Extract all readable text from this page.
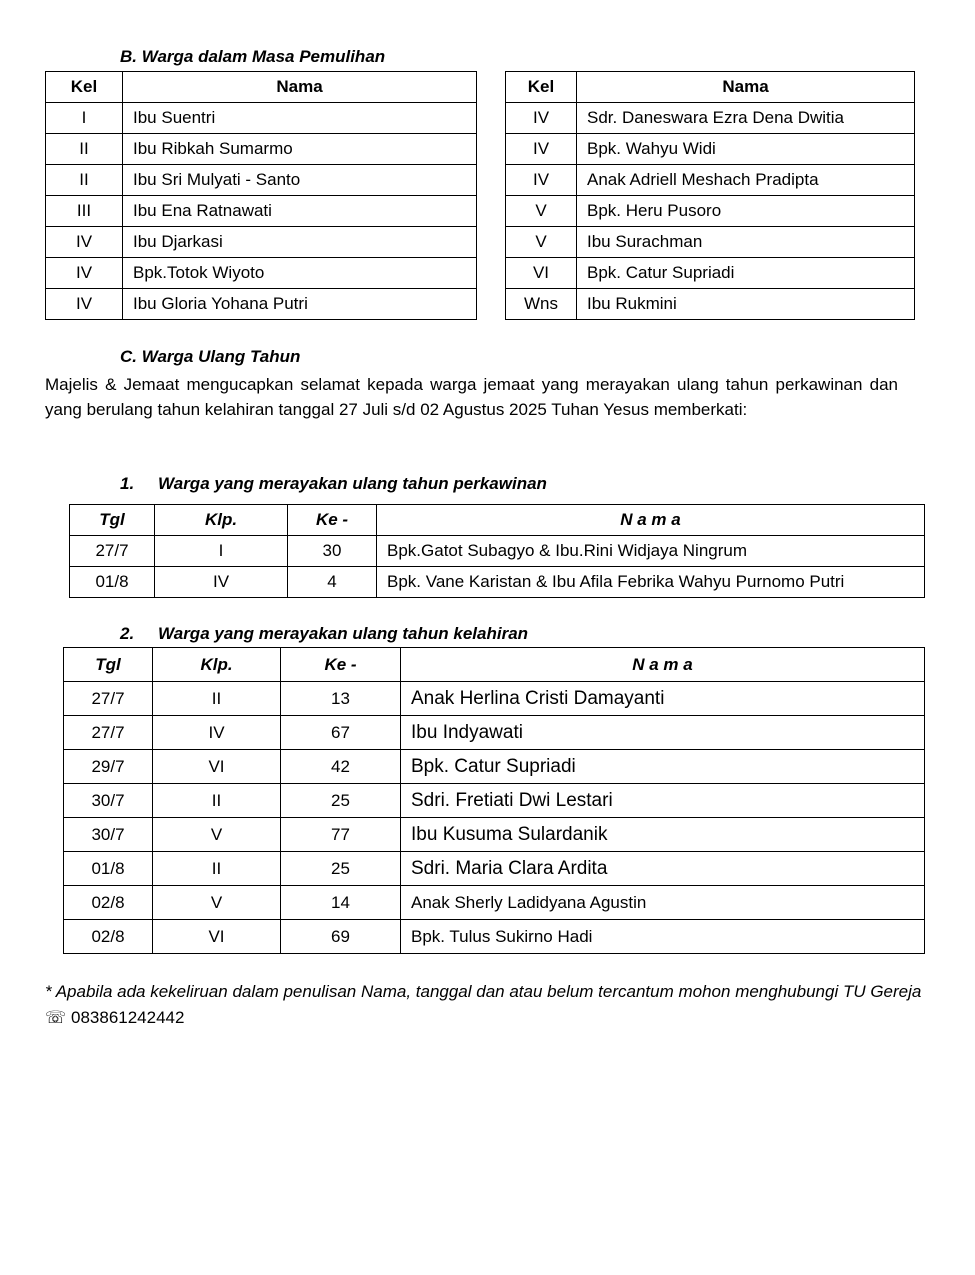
B. Warga dalam Masa Pemulihan
Kel	Nama
I	Ibu Suentri
II	Ibu Ribkah Sumarmo
II	Ibu Sri Mulyati - Santo
III	Ibu Ena Ratnawati
IV	Ibu Djarkasi
IV	Bpk.Totok Wiyoto
IV	Ibu Gloria Yohana Putri
Kel	Nama
IV	Sdr. Daneswara Ezra Dena Dwitia
IV	Bpk. Wahyu Widi
IV	Anak Adriell Meshach Pradipta
V	Bpk. Heru Pusoro
V	Ibu Surachman
VI	Bpk. Catur Supriadi
Wns	Ibu Rukmini
C. Warga Ulang Tahun
Majelis & Jemaat mengucapkan selamat kepada warga jemaat yang merayakan ulang tahun perkawinan dan yang berulang tahun kelahiran tanggal 27 Juli s/d 02 Agustus 2025 Tuhan Yesus memberkati:
1. Warga yang merayakan ulang tahun perkawinan
Tgl	Klp.	Ke -	N a m a
27/7	I	30	Bpk.Gatot Subagyo & Ibu.Rini Widjaya Ningrum
01/8	IV	4	Bpk. Vane Karistan & Ibu Afila Febrika Wahyu Purnomo Putri
2. Warga yang merayakan ulang tahun kelahiran
Tgl	Klp.	Ke -	N a m a
27/7	II	13	Anak Herlina Cristi Damayanti
27/7	IV	67	Ibu Indyawati
29/7	VI	42	Bpk. Catur Supriadi
30/7	II	25	Sdri. Fretiati Dwi Lestari
30/7	V	77	Ibu Kusuma Sulardanik
01/8	II	25	Sdri. Maria Clara Ardita
02/8	V	14	Anak Sherly Ladidyana Agustin
02/8	VI	69	Bpk. Tulus Sukirno Hadi
* Apabila ada kekeliruan dalam penulisan Nama, tanggal dan atau belum tercantum mohon menghubungi TU Gereja ☏ 083861242442
